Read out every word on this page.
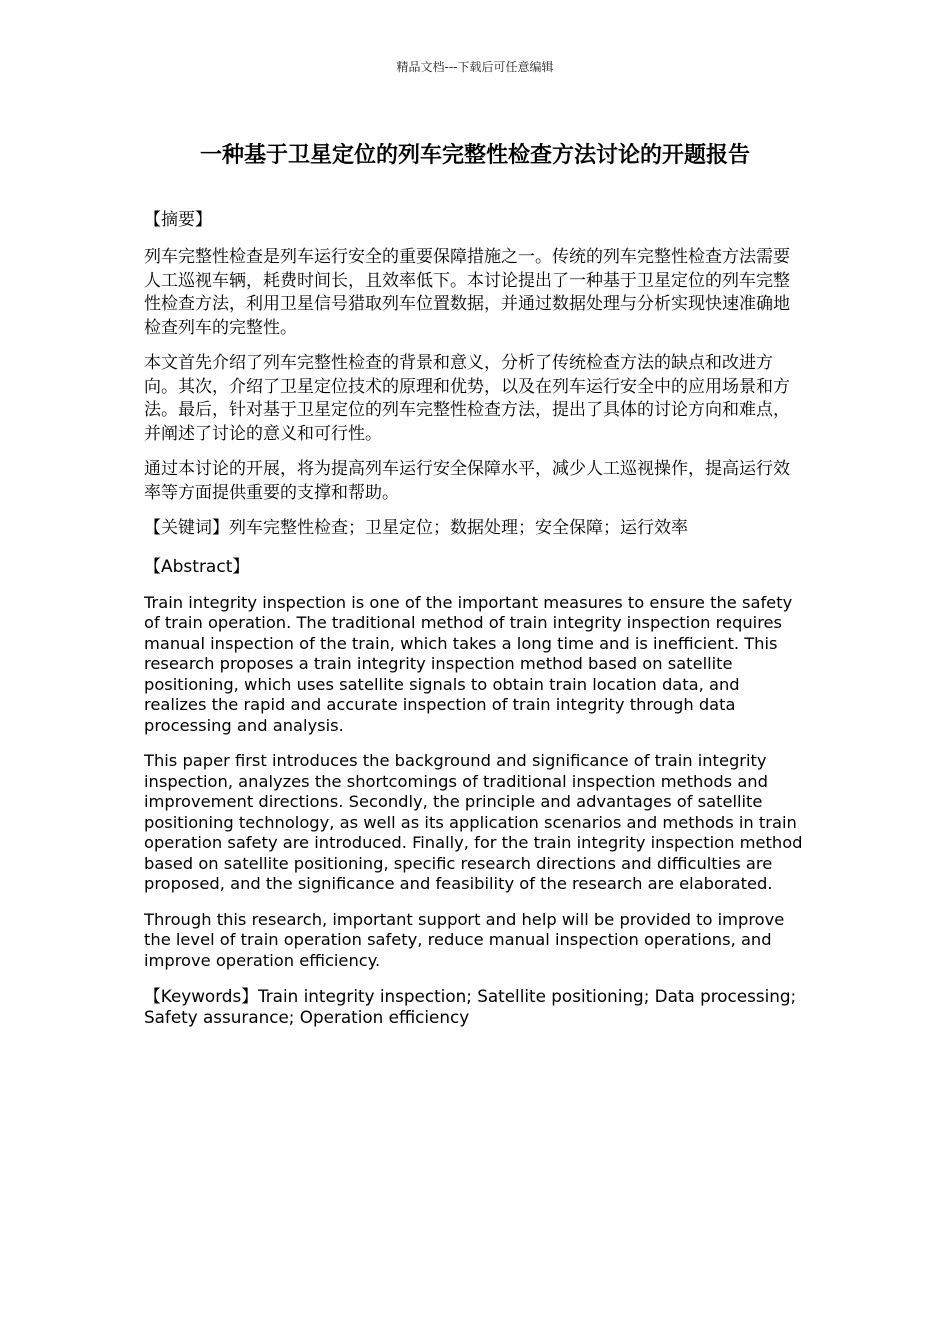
精品文档---下载后可任意编辑
一种基于卫星定位的列车完整性检查方法讨论的开题报告
【摘要】

列车完整性检查是列车运行安全的重要保障措施之一。传统的列车完整性检查方法需要人工巡视车辆，耗费时间长，且效率低下。本讨论提出了一种基于卫星定位的列车完整性检查方法，利用卫星信号猎取列车位置数据，并通过数据处理与分析实现快速准确地检查列车的完整性。

本文首先介绍了列车完整性检查的背景和意义，分析了传统检查方法的缺点和改进方向。其次，介绍了卫星定位技术的原理和优势，以及在列车运行安全中的应用场景和方法。最后，针对基于卫星定位的列车完整性检查方法，提出了具体的讨论方向和难点，并阐述了讨论的意义和可行性。

通过本讨论的开展，将为提高列车运行安全保障水平，减少人工巡视操作，提高运行效率等方面提供重要的支撑和帮助。

【关键词】列车完整性检查；卫星定位；数据处理；安全保障；运行效率

【Abstract】

Train integrity inspection is one of the important measures to ensure the safety of train operation. The traditional method of train integrity inspection requires manual inspection of the train, which takes a long time and is inefficient. This research proposes a train integrity inspection method based on satellite positioning, which uses satellite signals to obtain train location data, and realizes the rapid and accurate inspection of train integrity through data processing and analysis.

This paper first introduces the background and significance of train integrity inspection, analyzes the shortcomings of traditional inspection methods and improvement directions. Secondly, the principle and advantages of satellite positioning technology, as well as its application scenarios and methods in train operation safety are introduced. Finally, for the train integrity inspection method based on satellite positioning, specific research directions and difficulties are proposed, and the significance and feasibility of the research are elaborated.

Through this research, important support and help will be provided to improve the level of train operation safety, reduce manual inspection operations, and improve operation efficiency.

【Keywords】Train integrity inspection; Satellite positioning; Data processing; Safety assurance; Operation efficiency
